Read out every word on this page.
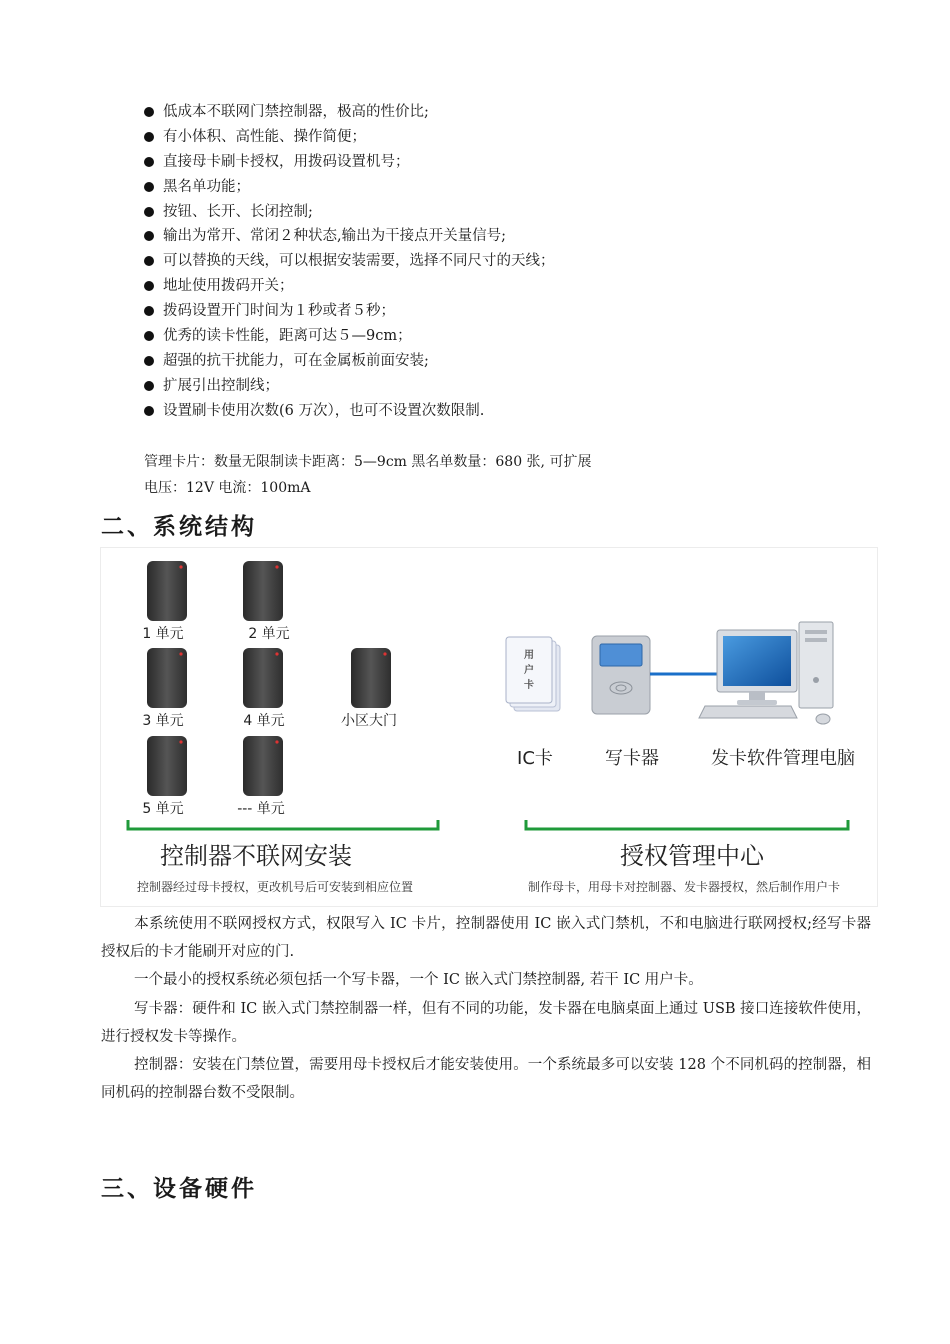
低成本不联网门禁控制器，极高的性价比;
有小体积、高性能、操作简便；
直接母卡刷卡授权，用拨码设置机号；
黑名单功能；
按钮、长开、长闭控制;
输出为常开、常闭２种状态,输出为干接点开关量信号;
可以替换的天线，可以根据安装需要，选择不同尺寸的天线；
地址使用拨码开关；
拨码设置开门时间为１秒或者５秒；
优秀的读卡性能，距离可达５—9cm；
超强的抗干扰能力，可在金属板前面安装;
扩展引出控制线；
设置刷卡使用次数(6 万次），也可不设置次数限制.
管理卡片：数量无限制读卡距离：5—9cm 黑名单数量：680 张, 可扩展
电压：12V 电流：100mA
二、系统结构
1 单元	2 单元
3 单元	4 单元	小区大门
5 单元	--- 单元
控制器不联网安装
控制器经过母卡授权，更改机号后可安装到相应位置
用
户
卡
IC卡	写卡器	发卡软件管理电脑
授权管理中心
制作母卡，用母卡对控制器、发卡器授权，然后制作用户卡

本系统使用不联网授权方式，权限写入 IC 卡片，控制器使用 IC 嵌入式门禁机，不和电脑进行联网授权;经写卡器授权后的卡才能刷开对应的门.

一个最小的授权系统必须包括一个写卡器，一个 IC 嵌入式门禁控制器, 若干 IC 用户卡。

写卡器：硬件和 IC 嵌入式门禁控制器一样，但有不同的功能，发卡器在电脑桌面上通过 USB 接口连接软件使用，进行授权发卡等操作。

控制器：安装在门禁位置，需要用母卡授权后才能安装使用。一个系统最多可以安装 128 个不同机码的控制器，相同机码的控制器台数不受限制。

三、设备硬件
